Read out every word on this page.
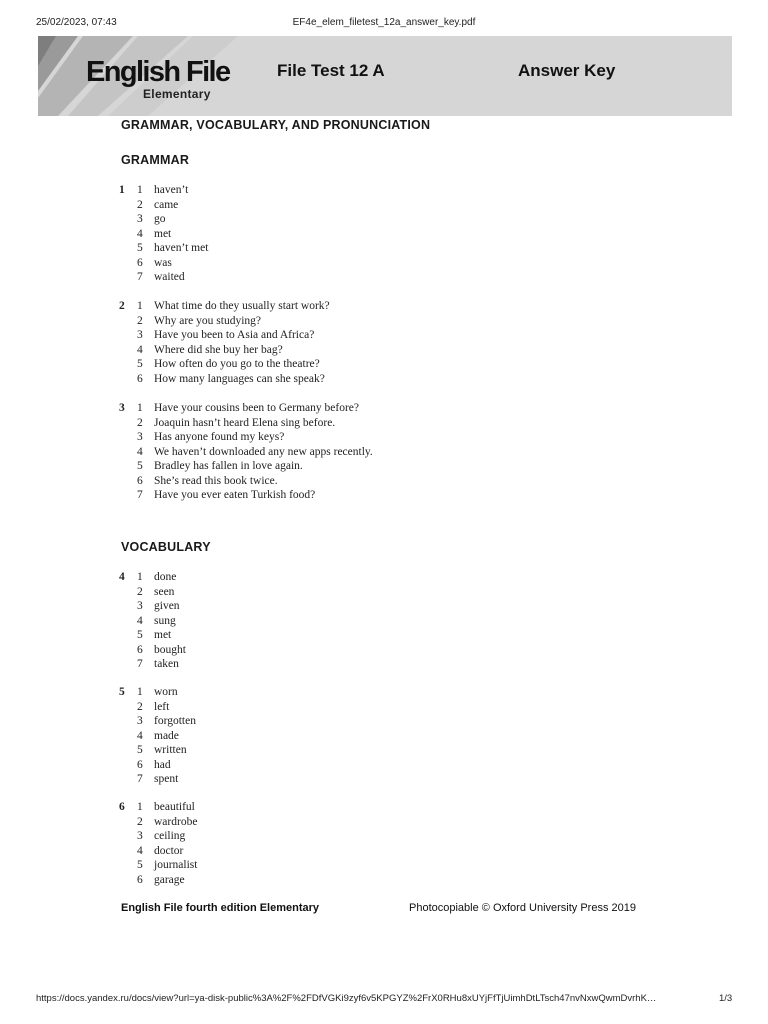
25/02/2023, 07:43	EF4e_elem_filetest_12a_answer_key.pdf
English File
Elementary
File Test 12 A	Answer Key
GRAMMAR, VOCABULARY, AND PRONUNCIATION
GRAMMAR
1 1 haven’t
2 came
3 go
4 met
5 haven’t met
6 was
7 waited
2 1 What time do they usually start work?
2 Why are you studying?
3 Have you been to Asia and Africa?
4 Where did she buy her bag?
5 How often do you go to the theatre?
6 How many languages can she speak?
3 1 Have your cousins been to Germany before?
2 Joaquin hasn’t heard Elena sing before.
3 Has anyone found my keys?
4 We haven’t downloaded any new apps recently.
5 Bradley has fallen in love again.
6 She’s read this book twice.
7 Have you ever eaten Turkish food?
VOCABULARY
4 1 done
2 seen
3 given
4 sung
5 met
6 bought
7 taken
5 1 worn
2 left
3 forgotten
4 made
5 written
6 had
7 spent
6 1 beautiful
2 wardrobe
3 ceiling
4 doctor
5 journalist
6 garage
English File fourth edition Elementary	Photocopiable © Oxford University Press 2019
https://docs.yandex.ru/docs/view?url=ya-disk-public%3A%2F%2FDfVGKi9zyf6v5KPGYZ%2FrX0RHu8xUYjFfTjUimhDtLTsch47nvNxwQwmDvrhK…	1/3
